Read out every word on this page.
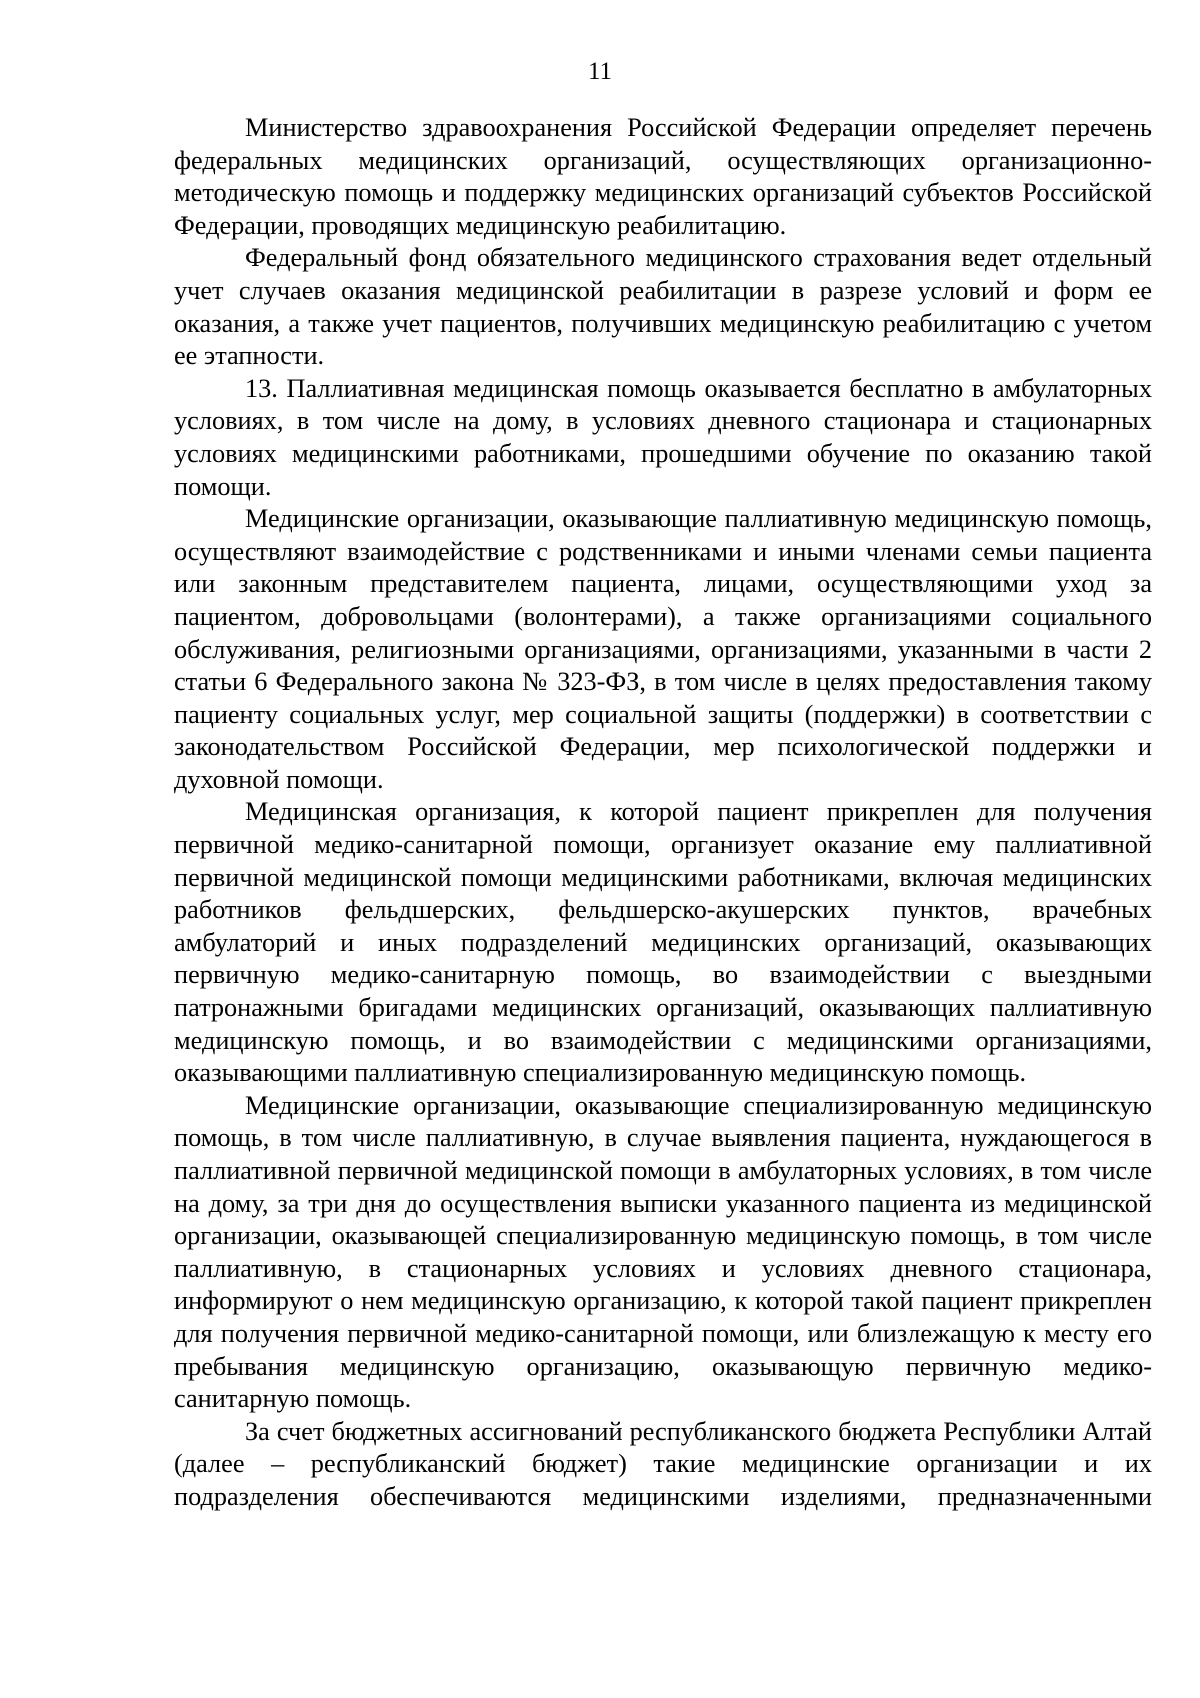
11

Министерство здравоохранения Российской Федерации определяет перечень федеральных медицинских организаций, осуществляющих организационно-методическую помощь и поддержку медицинских организаций субъектов Российской Федерации, проводящих медицинскую реабилитацию.

Федеральный фонд обязательного медицинского страхования ведет отдельный учет случаев оказания медицинской реабилитации в разрезе условий и форм ее оказания, а также учет пациентов, получивших медицинскую реабилитацию с учетом ее этапности.

13. Паллиативная медицинская помощь оказывается бесплатно в амбулаторных условиях, в том числе на дому, в условиях дневного стационара и стационарных условиях медицинскими работниками, прошедшими обучение по оказанию такой помощи.

Медицинские организации, оказывающие паллиативную медицинскую помощь, осуществляют взаимодействие с родственниками и иными членами семьи пациента или законным представителем пациента, лицами, осуществляющими уход за пациентом, добровольцами (волонтерами), а также организациями социального обслуживания, религиозными организациями, организациями, указанными в части 2 статьи 6 Федерального закона № 323-ФЗ, в том числе в целях предоставления такому пациенту социальных услуг, мер социальной защиты (поддержки) в соответствии с законодательством Российской Федерации, мер психологической поддержки и духовной помощи.

Медицинская организация, к которой пациент прикреплен для получения первичной медико-санитарной помощи, организует оказание ему паллиативной первичной медицинской помощи медицинскими работниками, включая медицинских работников фельдшерских, фельдшерско-акушерских пунктов, врачебных амбулаторий и иных подразделений медицинских организаций, оказывающих первичную медико-санитарную помощь, во взаимодействии с выездными патронажными бригадами медицинских организаций, оказывающих паллиативную медицинскую помощь, и во взаимодействии с медицинскими организациями, оказывающими паллиативную специализированную медицинскую помощь.

Медицинские организации, оказывающие специализированную медицинскую помощь, в том числе паллиативную, в случае выявления пациента, нуждающегося в паллиативной первичной медицинской помощи в амбулаторных условиях, в том числе на дому, за три дня до осуществления выписки указанного пациента из медицинской организации, оказывающей специализированную медицинскую помощь, в том числе паллиативную, в стационарных условиях и условиях дневного стационара, информируют о нем медицинскую организацию, к которой такой пациент прикреплен для получения первичной медико-санитарной помощи, или близлежащую к месту его пребывания медицинскую организацию, оказывающую первичную медико-санитарную помощь.

За счет бюджетных ассигнований республиканского бюджета Республики Алтай (далее – республиканский бюджет) такие медицинские организации и их подразделения обеспечиваются медицинскими изделиями, предназначенными
